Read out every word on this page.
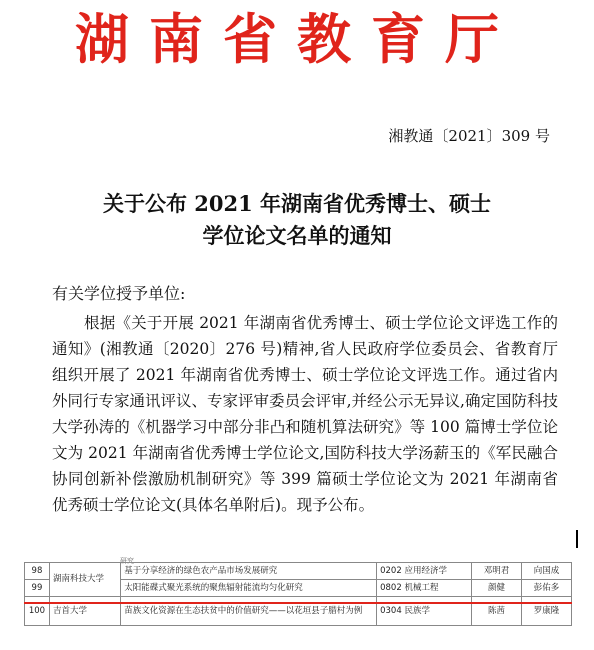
湖南省教育厅
湘教通〔2021〕309 号
关于公布 2021 年湖南省优秀博士、硕士
学位论文名单的通知
有关学位授予单位:

根据《关于开展 2021 年湖南省优秀博士、硕士学位论文评选工作的通知》(湘教通〔2020〕276 号)精神,省人民政府学位委员会、省教育厅组织开展了 2021 年湖南省优秀博士、硕士学位论文评选工作。通过省内外同行专家通讯评议、专家评审委员会评审,并经公示无异议,确定国防科技大学孙涛的《机器学习中部分非凸和随机算法研究》等 100 篇博士学位论文为 2021 年湖南省优秀博士学位论文,国防科技大学汤薪玉的《军民融合协同创新补偿激励机制研究》等 399 篇硕士学位论文为 2021 年湖南省优秀硕士学位论文(具体名单附后)。现予公布。

研究
98	湖南科技大学	基于分享经济的绿色农产品市场发展研究	0202 应用经济学	邓明君	向国成
99		太阳能碟式聚光系统的聚焦辐射能流均匀化研究	0802 机械工程	颜健	彭佑多
100	吉首大学	苗族文化资源在生态扶贫中的价值研究——以花垣县子腊村为例	0304 民族学	陈茜	罗康隆
